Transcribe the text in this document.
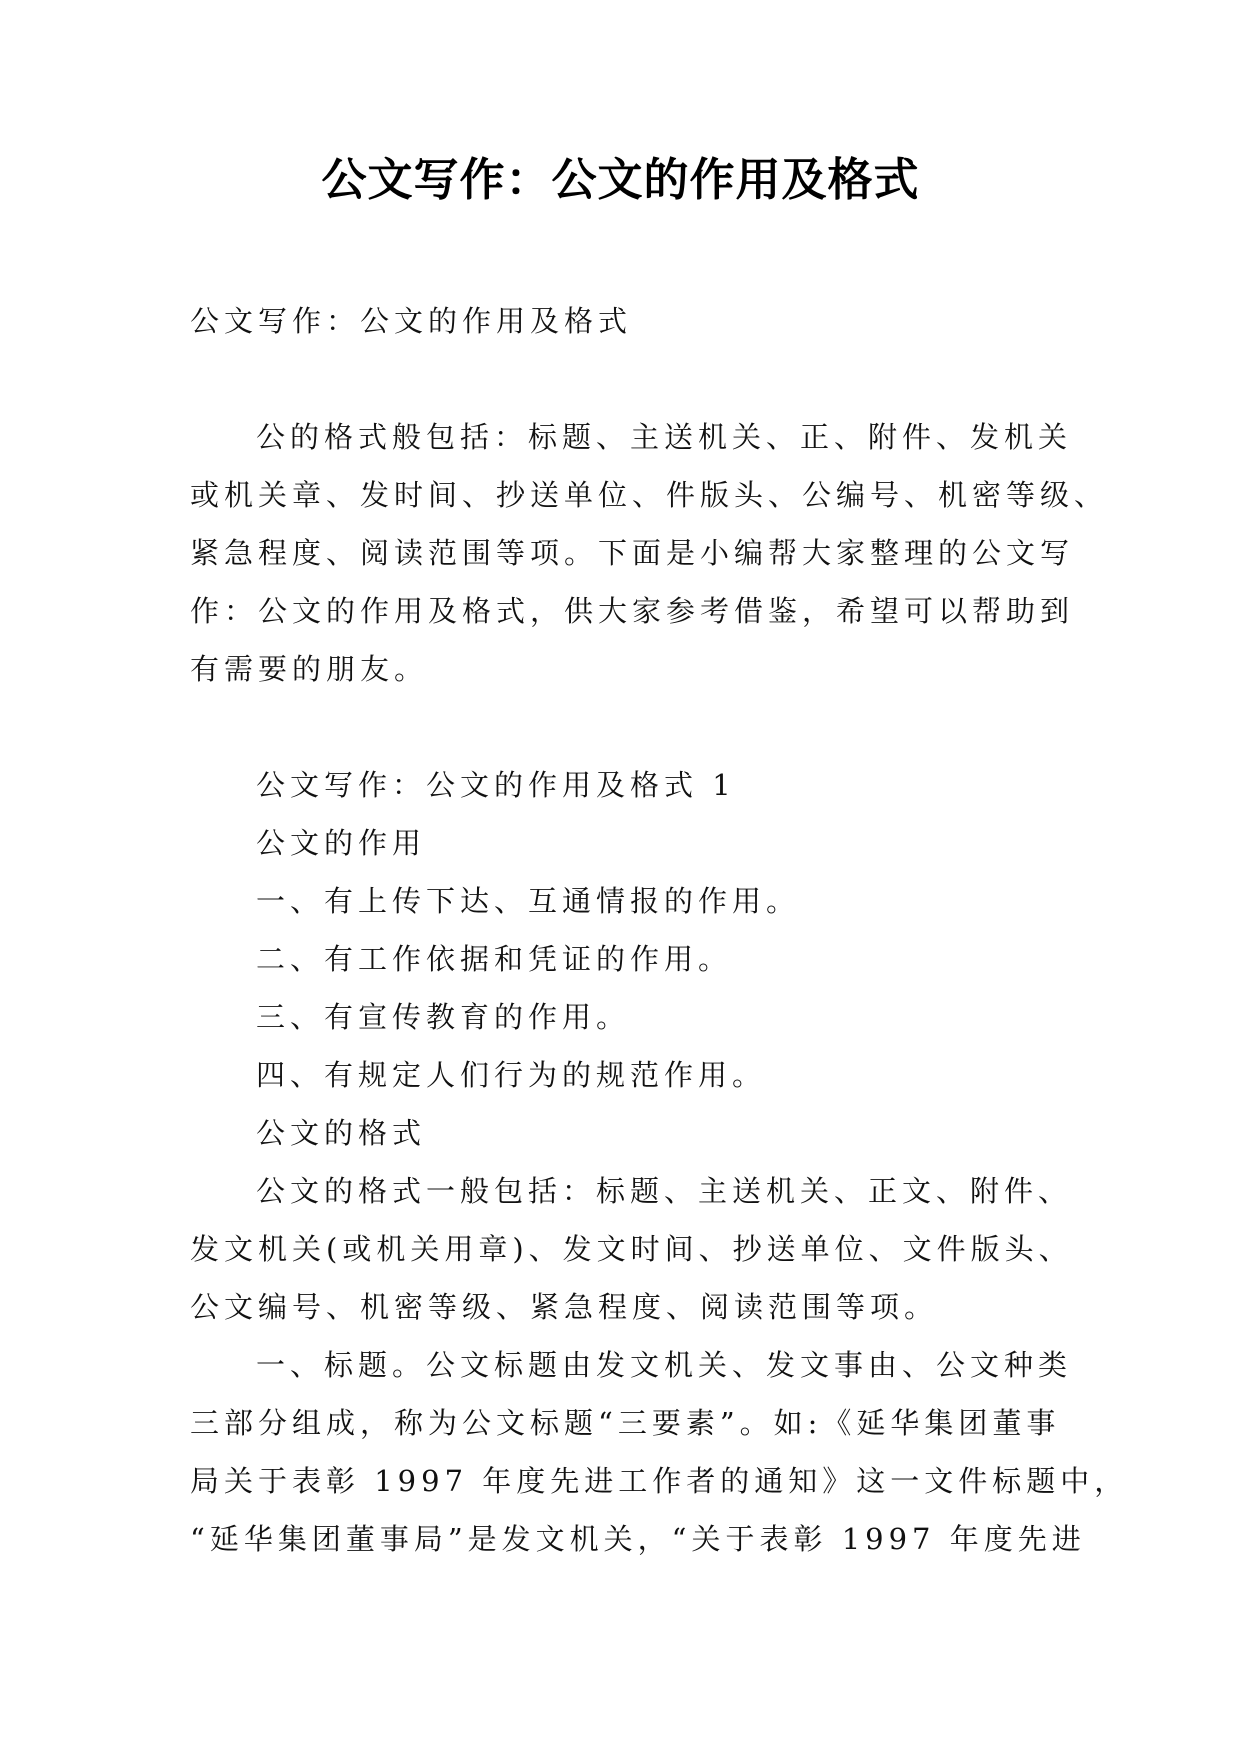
公文写作：公文的作用及格式
公文写作：公文的作用及格式
公的格式般包括：标题、主送机关、正、附件、发机关
或机关章、发时间、抄送单位、件版头、公编号、机密等级、
紧急程度、阅读范围等项。下面是小编帮大家整理的公文写
作：公文的作用及格式，供大家参考借鉴，希望可以帮助到
有需要的朋友。
公文写作：公文的作用及格式 1
公文的作用
一、有上传下达、互通情报的作用。
二、有工作依据和凭证的作用。
三、有宣传教育的作用。
四、有规定人们行为的规范作用。
公文的格式
公文的格式一般包括：标题、主送机关、正文、附件、
发文机关(或机关用章)、发文时间、抄送单位、文件版头、
公文编号、机密等级、紧急程度、阅读范围等项。
一、标题。公文标题由发文机关、发文事由、公文种类
三部分组成，称为公文标题“三要素”。如:《延华集团董事
局关于表彰 1997 年度先进工作者的通知》这一文件标题中，
“延华集团董事局”是发文机关，“关于表彰 1997 年度先进
